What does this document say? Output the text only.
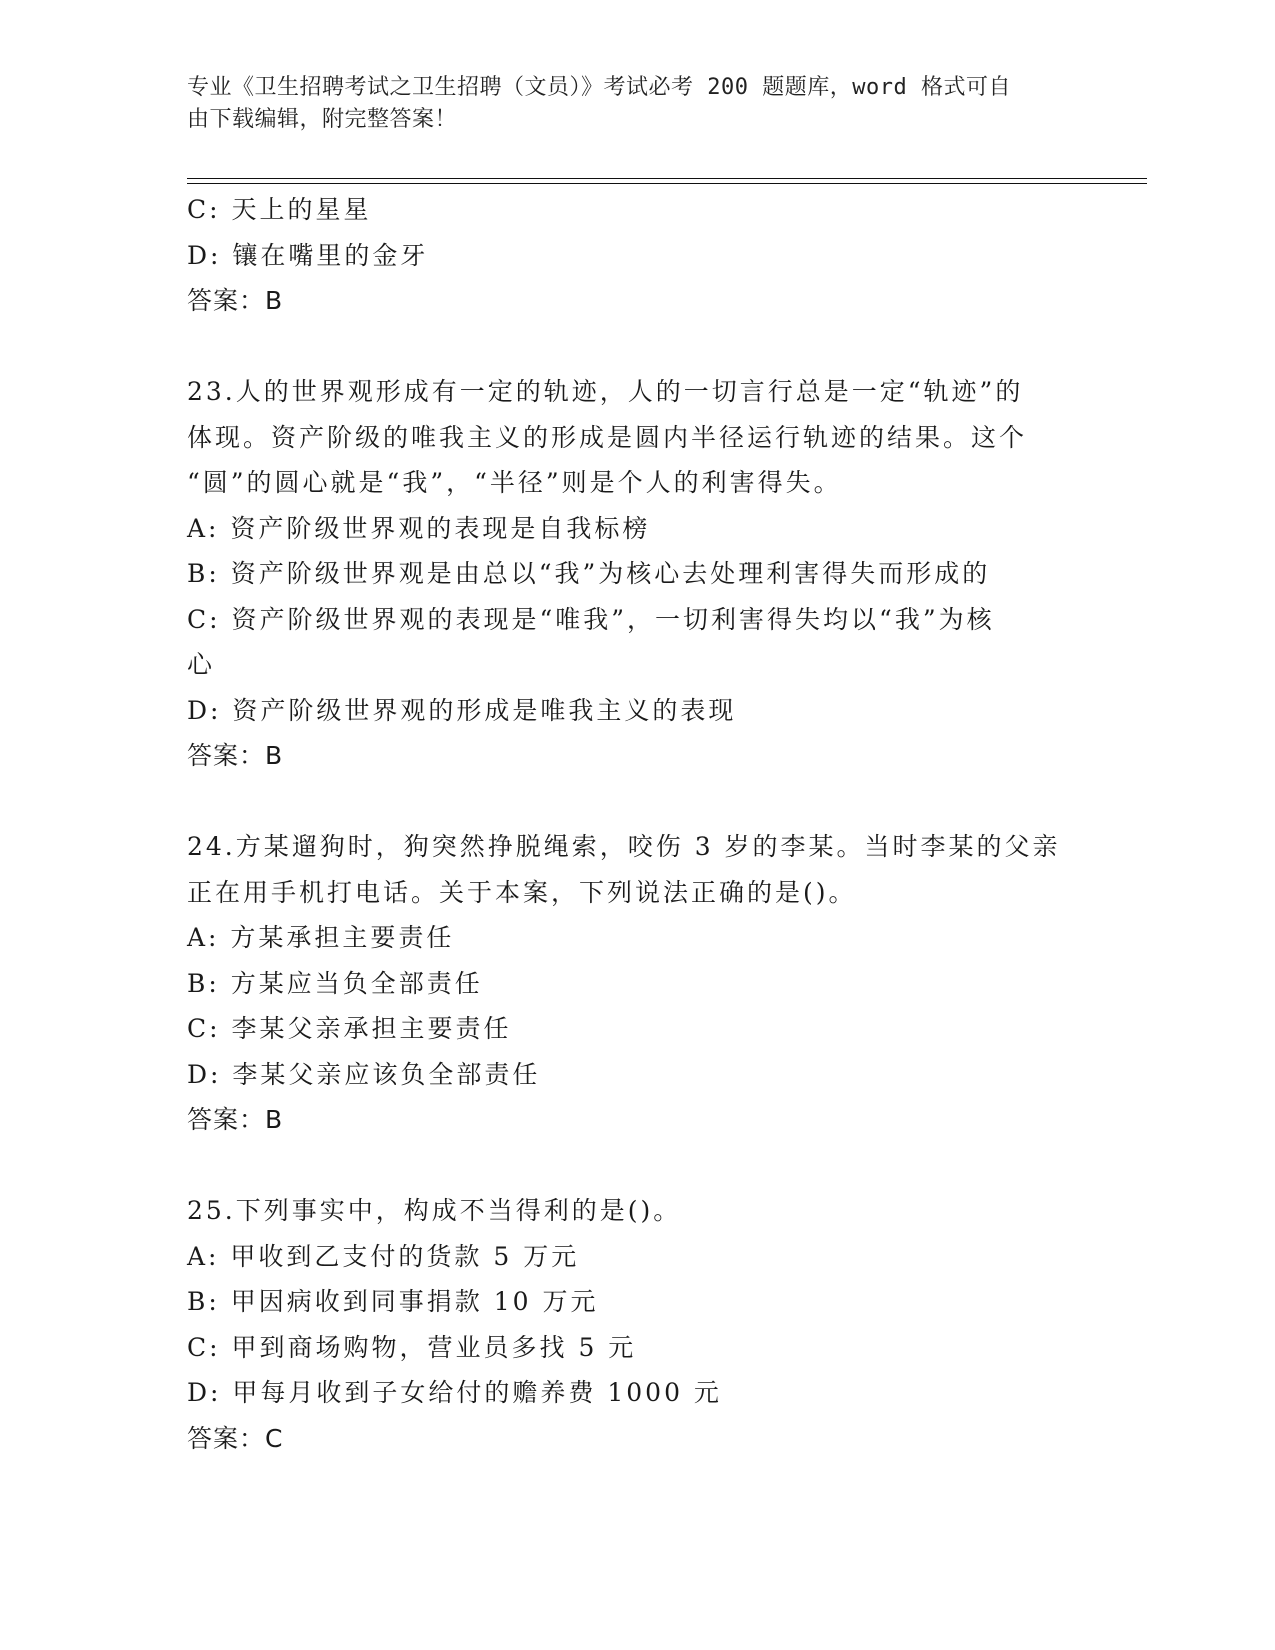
专业《卫生招聘考试之卫生招聘（文员）》考试必考 200 题题库，word 格式可自
由下载编辑，附完整答案！
C: 天上的星星
D: 镶在嘴里的金牙
答案：B
23.人的世界观形成有一定的轨迹，人的一切言行总是一定“轨迹”的
体现。资产阶级的唯我主义的形成是圆内半径运行轨迹的结果。这个
“圆”的圆心就是“我”，“半径”则是个人的利害得失。
A: 资产阶级世界观的表现是自我标榜
B: 资产阶级世界观是由总以“我”为核心去处理利害得失而形成的
C: 资产阶级世界观的表现是“唯我”，一切利害得失均以“我”为核
心
D: 资产阶级世界观的形成是唯我主义的表现
答案：B
24.方某遛狗时，狗突然挣脱绳索，咬伤 3 岁的李某。当时李某的父亲
正在用手机打电话。关于本案，下列说法正确的是()。
A: 方某承担主要责任
B: 方某应当负全部责任
C: 李某父亲承担主要责任
D: 李某父亲应该负全部责任
答案：B
25.下列事实中，构成不当得利的是()。
A: 甲收到乙支付的货款 5 万元
B: 甲因病收到同事捐款 10 万元
C: 甲到商场购物，营业员多找 5 元
D: 甲每月收到子女给付的赡养费 1000 元
答案：C
